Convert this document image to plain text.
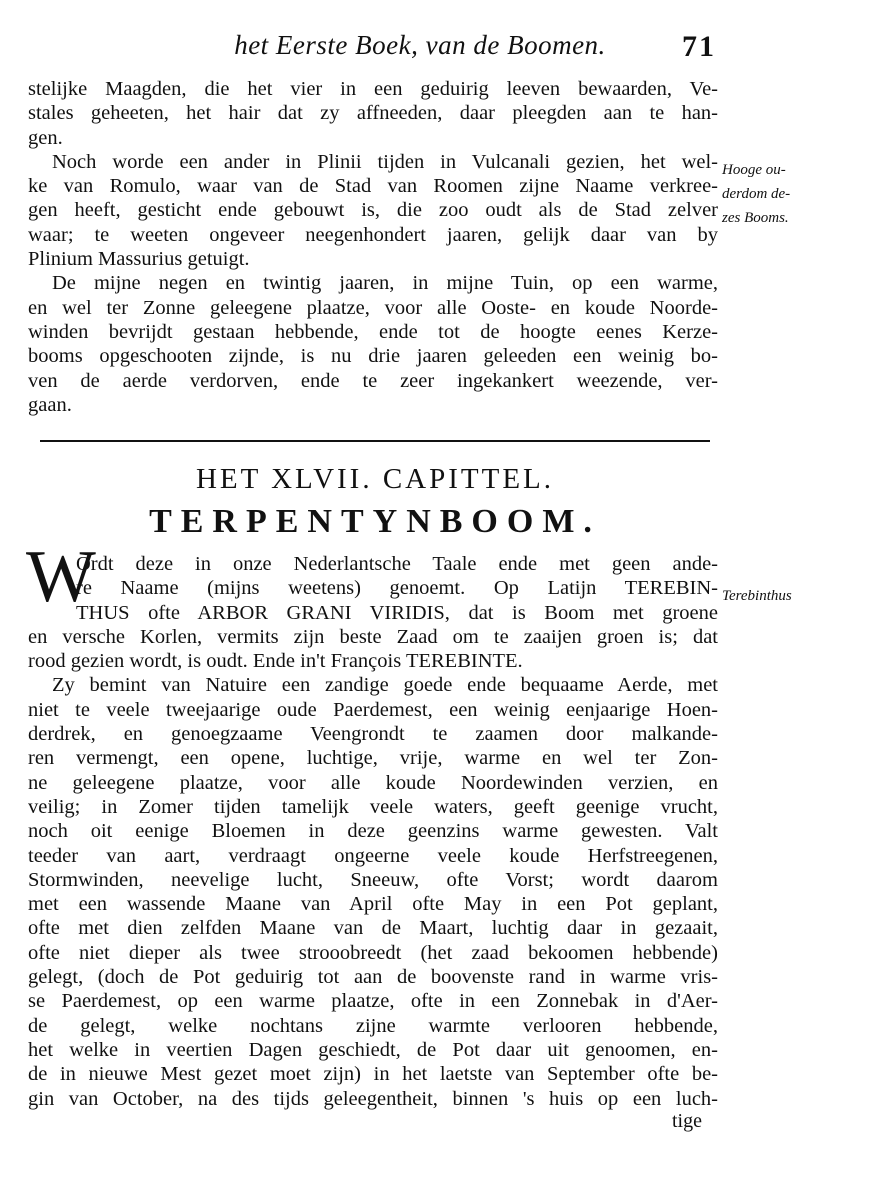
het Eerste Boek, van de Boomen.	71
stelijke Maagden, die het vier in een geduirig leeven bewaarden, Ve-
stales geheeten, het hair dat zy affneeden, daar pleegden aan te han-
gen.
Noch worde een ander in Plinii tijden in Vulcanali gezien, het wel-
ke van Romulo, waar van de Stad van Roomen zijne Naame verkree-
gen heeft, gesticht ende gebouwt is, die zoo oudt als de Stad zelver
waar; te weeten ongeveer neegenhondert jaaren, gelijk daar van by
Plinium Massurius getuigt.
De mijne negen en twintig jaaren, in mijne Tuin, op een warme,
en wel ter Zonne geleegene plaatze, voor alle Ooste- en koude Noorde-
winden bevrijdt gestaan hebbende, ende tot de hoogte eenes Kerze-
booms opgeschooten zijnde, is nu drie jaaren geleeden een weinig bo-
ven de aerde verdorven, ende te zeer ingekankert weezende, ver-
gaan.
Hooge ou-
derdom de-
zes Booms.
HET XLVII. CAPITTEL.
TERPENTYNBOOM.
W	Terebinthus
Ordt deze in onze Nederlantsche Taale ende met geen ande-
re Naame (mijns weetens) genoemt. Op Latijn TEREBIN-
THUS ofte ARBOR GRANI VIRIDIS, dat is Boom met groene
en versche Korlen, vermits zijn beste Zaad om te zaaijen groen is; dat
rood gezien wordt, is oudt. Ende in't François TEREBINTE.
Zy bemint van Natuire een zandige goede ende bequaame Aerde, met
niet te veele tweejaarige oude Paerdemest, een weinig eenjaarige Hoen-
derdrek, en genoegzaame Veengrondt te zaamen door malkande-
ren vermengt, een opene, luchtige, vrije, warme en wel ter Zon-
ne geleegene plaatze, voor alle koude Noordewinden verzien, en
veilig; in Zomer tijden tamelijk veele waters, geeft geenige vrucht,
noch oit eenige Bloemen in deze geenzins warme gewesten. Valt
teeder van aart, verdraagt ongeerne veele koude Herfstreegenen,
Stormwinden, neevelige lucht, Sneeuw, ofte Vorst; wordt daarom
met een wassende Maane van April ofte May in een Pot geplant,
ofte met dien zelfden Maane van de Maart, luchtig daar in gezaait,
ofte niet dieper als twee strooobreedt (het zaad bekoomen hebbende)
gelegt, (doch de Pot geduirig tot aan de boovenste rand in warme vris-
se Paerdemest, op een warme plaatze, ofte in een Zonnebak in d'Aer-
de gelegt, welke nochtans zijne warmte verlooren hebbende,
het welke in veertien Dagen geschiedt, de Pot daar uit genoomen, en-
de in nieuwe Mest gezet moet zijn) in het laetste van September ofte be-
gin van October, na des tijds geleegentheit, binnen 's huis op een luch-
tige
